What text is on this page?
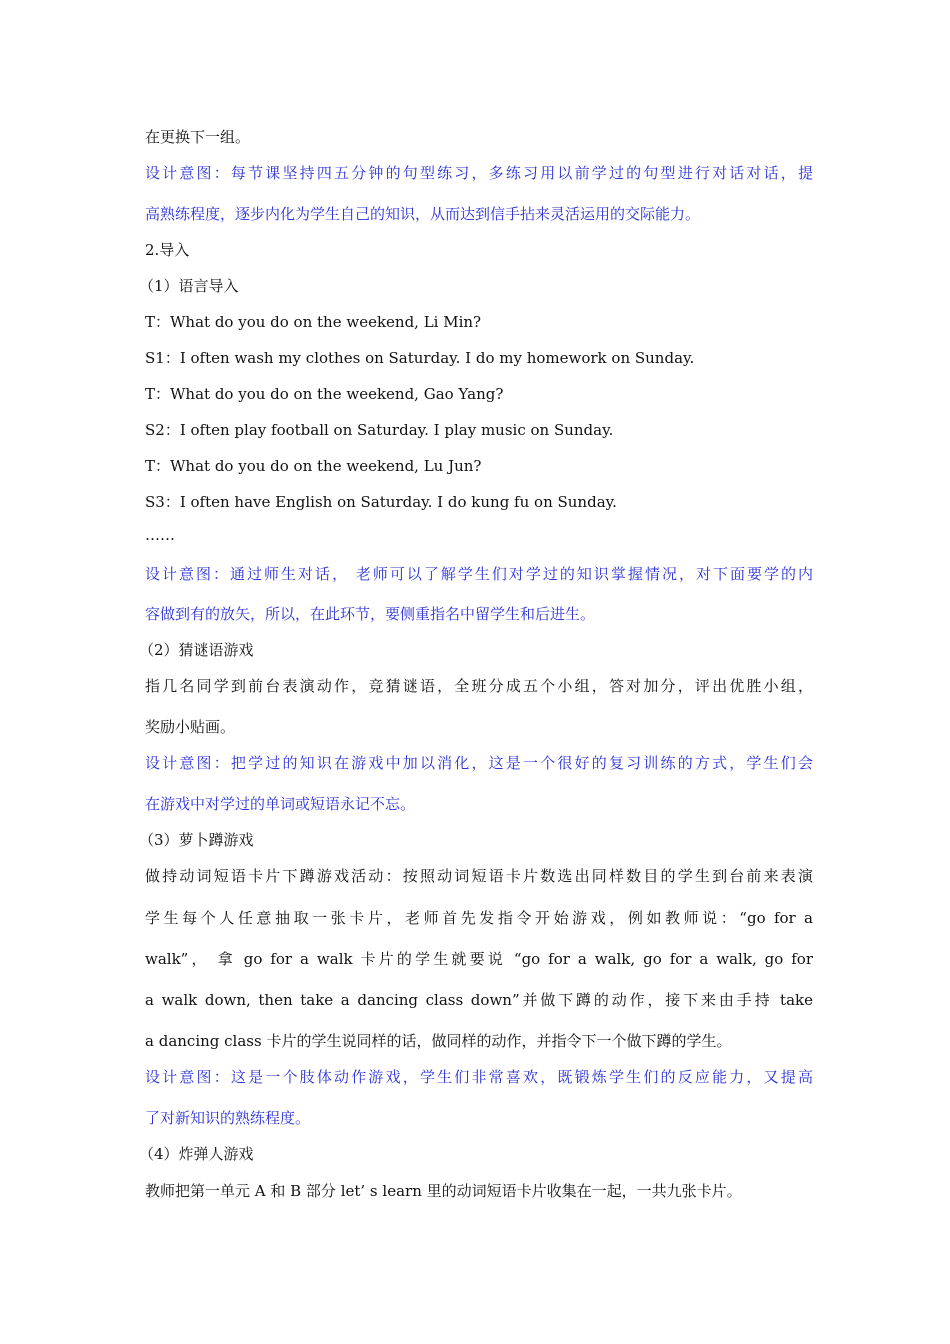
在更换下一组。
设计意图：每节课坚持四五分钟的句型练习，多练习用以前学过的句型进行对话对话，提
高熟练程度，逐步内化为学生自己的知识，从而达到信手拈来灵活运用的交际能力。
2.导入
（1）语言导入
T：What do you do on the weekend, Li Min?
S1：I often wash my clothes on Saturday. I do my homework on Sunday.
T：What do you do on the weekend, Gao Yang?
S2：I often play football on Saturday. I play music on Sunday.
T：What do you do on the weekend, Lu Jun?
S3：I often have English on Saturday. I do kung fu on Sunday.
……
设计意图：通过师生对话， 老师可以了解学生们对学过的知识掌握情况，对下面要学的内
容做到有的放矢，所以，在此环节，要侧重指名中留学生和后进生。
（2）猜谜语游戏
指几名同学到前台表演动作，竞猜谜语，全班分成五个小组，答对加分，评出优胜小组，
奖励小贴画。
设计意图：把学过的知识在游戏中加以消化，这是一个很好的复习训练的方式，学生们会
在游戏中对学过的单词或短语永记不忘。
（3）萝卜蹲游戏
做持动词短语卡片下蹲游戏活动：按照动词短语卡片数选出同样数目的学生到台前来表演
学生每个人任意抽取一张卡片，老师首先发指令开始游戏，例如教师说：“go for a
walk”， 拿 go for a walk 卡片的学生就要说 “go for a walk, go for a walk, go for
a walk down, then take a dancing class down”并做下蹲的动作，接下来由手持 take
a dancing class 卡片的学生说同样的话，做同样的动作，并指令下一个做下蹲的学生。
设计意图：这是一个肢体动作游戏，学生们非常喜欢，既锻炼学生们的反应能力，又提高
了对新知识的熟练程度。
（4）炸弹人游戏
教师把第一单元 A 和 B 部分 let’ s learn 里的动词短语卡片收集在一起，一共九张卡片。
